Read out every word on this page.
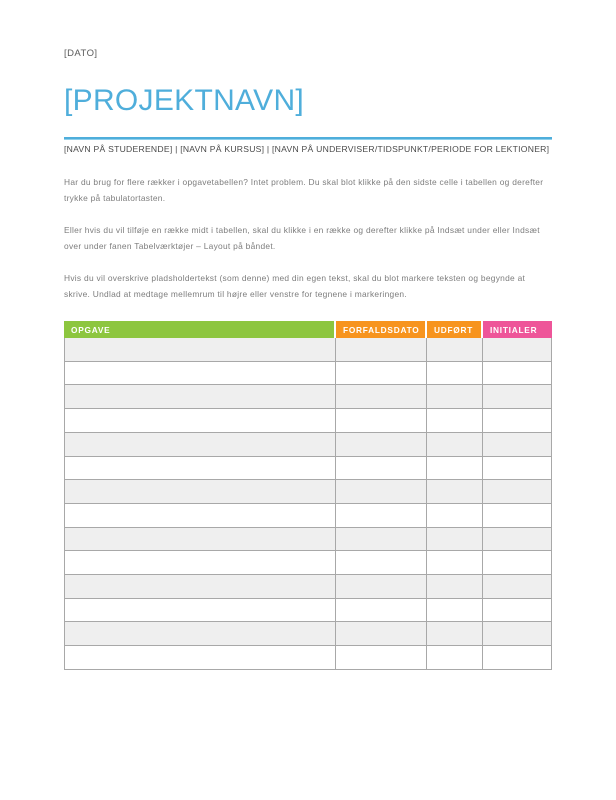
[DATO]
[PROJEKTNAVN]
[NAVN PÅ STUDERENDE] | [NAVN PÅ KURSUS] | [NAVN PÅ UNDERVISER/TIDSPUNKT/PERIODE FOR LEKTIONER]

Har du brug for flere rækker i opgavetabellen? Intet problem. Du skal blot klikke på den sidste celle i tabellen og derefter trykke på tabulatortasten.

Eller hvis du vil tilføje en række midt i tabellen, skal du klikke i en række og derefter klikke på Indsæt under eller Indsæt over under fanen Tabelværktøjer – Layout på båndet.

Hvis du vil overskrive pladsholdertekst (som denne) med din egen tekst, skal du blot markere teksten og begynde at skrive. Undlad at medtage mellemrum til højre eller venstre for tegnene i markeringen.

OPGAVE	FORFALDSDATO	UDFØRT	INITIALER
